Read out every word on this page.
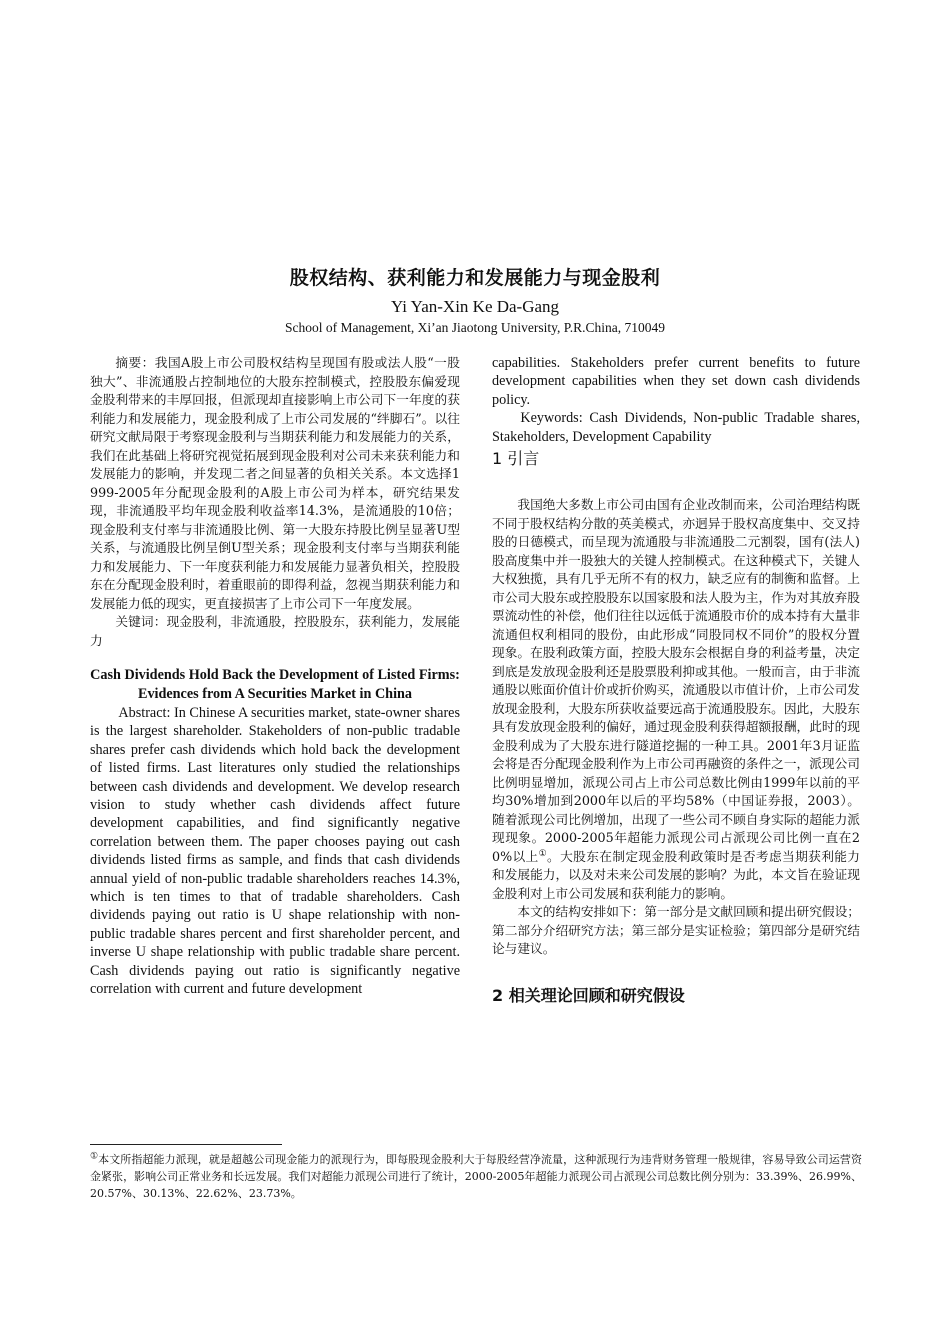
股权结构、获利能力和发展能力与现金股利
Yi Yan-Xin Ke Da-Gang
School of Management, Xi’an Jiaotong University, P.R.China, 710049

摘要：我国A股上市公司股权结构呈现国有股或法人股“一股独大”、非流通股占控制地位的大股东控制模式，控股股东偏爱现金股利带来的丰厚回报，但派现却直接影响上市公司下一年度的获利能力和发展能力，现金股利成了上市公司发展的“绊脚石”。以往研究文献局限于考察现金股利与当期获利能力和发展能力的关系，我们在此基础上将研究视觉拓展到现金股利对公司未来获利能力和发展能力的影响，并发现二者之间显著的负相关关系。本文选择1999-2005年分配现金股利的A股上市公司为样本，研究结果发现，非流通股平均年现金股利收益率14.3%，是流通股的10倍；现金股利支付率与非流通股比例、第一大股东持股比例呈显著U型关系，与流通股比例呈倒U型关系；现金股利支付率与当期获利能力和发展能力、下一年度获利能力和发展能力显著负相关，控股股东在分配现金股利时，着重眼前的即得利益，忽视当期获利能力和发展能力低的现实，更直接损害了上市公司下一年度发展。

关键词：现金股利，非流通股，控股股东，获利能力，发展能力

Cash Dividends Hold Back the Development of Listed Firms:
Evidences from A Securities Market in China

Abstract: In Chinese A securities market, state-owner shares is the largest shareholder. Stakeholders of non-public tradable shares prefer cash dividends which hold back the development of listed firms. Last literatures only studied the relationships between cash dividends and development. We develop research vision to study whether cash dividends affect future development capabilities, and find significantly negative correlation between them. The paper chooses paying out cash dividends listed firms as sample, and finds that cash dividends annual yield of non-public tradable shareholders reaches 14.3%, which is ten times to that of tradable shareholders. Cash dividends paying out ratio is U shape relationship with non-public tradable shares percent and first shareholder percent, and inverse U shape relationship with public tradable share percent. Cash dividends paying out ratio is significantly negative correlation with current and future development

capabilities. Stakeholders prefer current benefits to future development capabilities when they set down cash dividends policy.

Keywords: Cash Dividends, Non-public Tradable shares, Stakeholders, Development Capability

1 引言

我国绝大多数上市公司由国有企业改制而来，公司治理结构既不同于股权结构分散的英美模式，亦迥异于股权高度集中、交叉持股的日德模式，而呈现为流通股与非流通股二元割裂，国有(法人)股高度集中并一股独大的关键人控制模式。在这种模式下，关键人大权独揽，具有几乎无所不有的权力，缺乏应有的制衡和监督。上市公司大股东或控股股东以国家股和法人股为主，作为对其放弃股票流动性的补偿，他们往往以远低于流通股市价的成本持有大量非流通但权利相同的股份，由此形成“同股同权不同价”的股权分置现象。在股利政策方面，控股大股东会根据自身的利益考量，决定到底是发放现金股利还是股票股利抑或其他。一般而言，由于非流通股以账面价值计价或折价购买，流通股以市值计价，上市公司发放现金股利，大股东所获收益要远高于流通股股东。因此，大股东具有发放现金股利的偏好，通过现金股利获得超额报酬，此时的现金股利成为了大股东进行隧道挖掘的一种工具。2001年3月证监会将是否分配现金股利作为上市公司再融资的条件之一，派现公司比例明显增加，派现公司占上市公司总数比例由1999年以前的平均30%增加到2000年以后的平均58%（中国证券报，2003）。随着派现公司比例增加，出现了一些公司不顾自身实际的超能力派现现象。2000-2005年超能力派现公司占派现公司比例一直在20%以上①。大股东在制定现金股利政策时是否考虑当期获利能力和发展能力，以及对未来公司发展的影响？为此，本文旨在验证现金股利对上市公司发展和获利能力的影响。

本文的结构安排如下：第一部分是文献回顾和提出研究假设；第二部分介绍研究方法；第三部分是实证检验；第四部分是研究结论与建议。

2 相关理论回顾和研究假设

①本文所指超能力派现，就是超越公司现金能力的派现行为，即每股现金股利大于每股经营净流量，这种派现行为违背财务管理一般规律，容易导致公司运营资金紧张，影响公司正常业务和长远发展。我们对超能力派现公司进行了统计，2000-2005年超能力派现公司占派现公司总数比例分别为：33.39%、26.99%、20.57%、30.13%、22.62%、23.73%。
